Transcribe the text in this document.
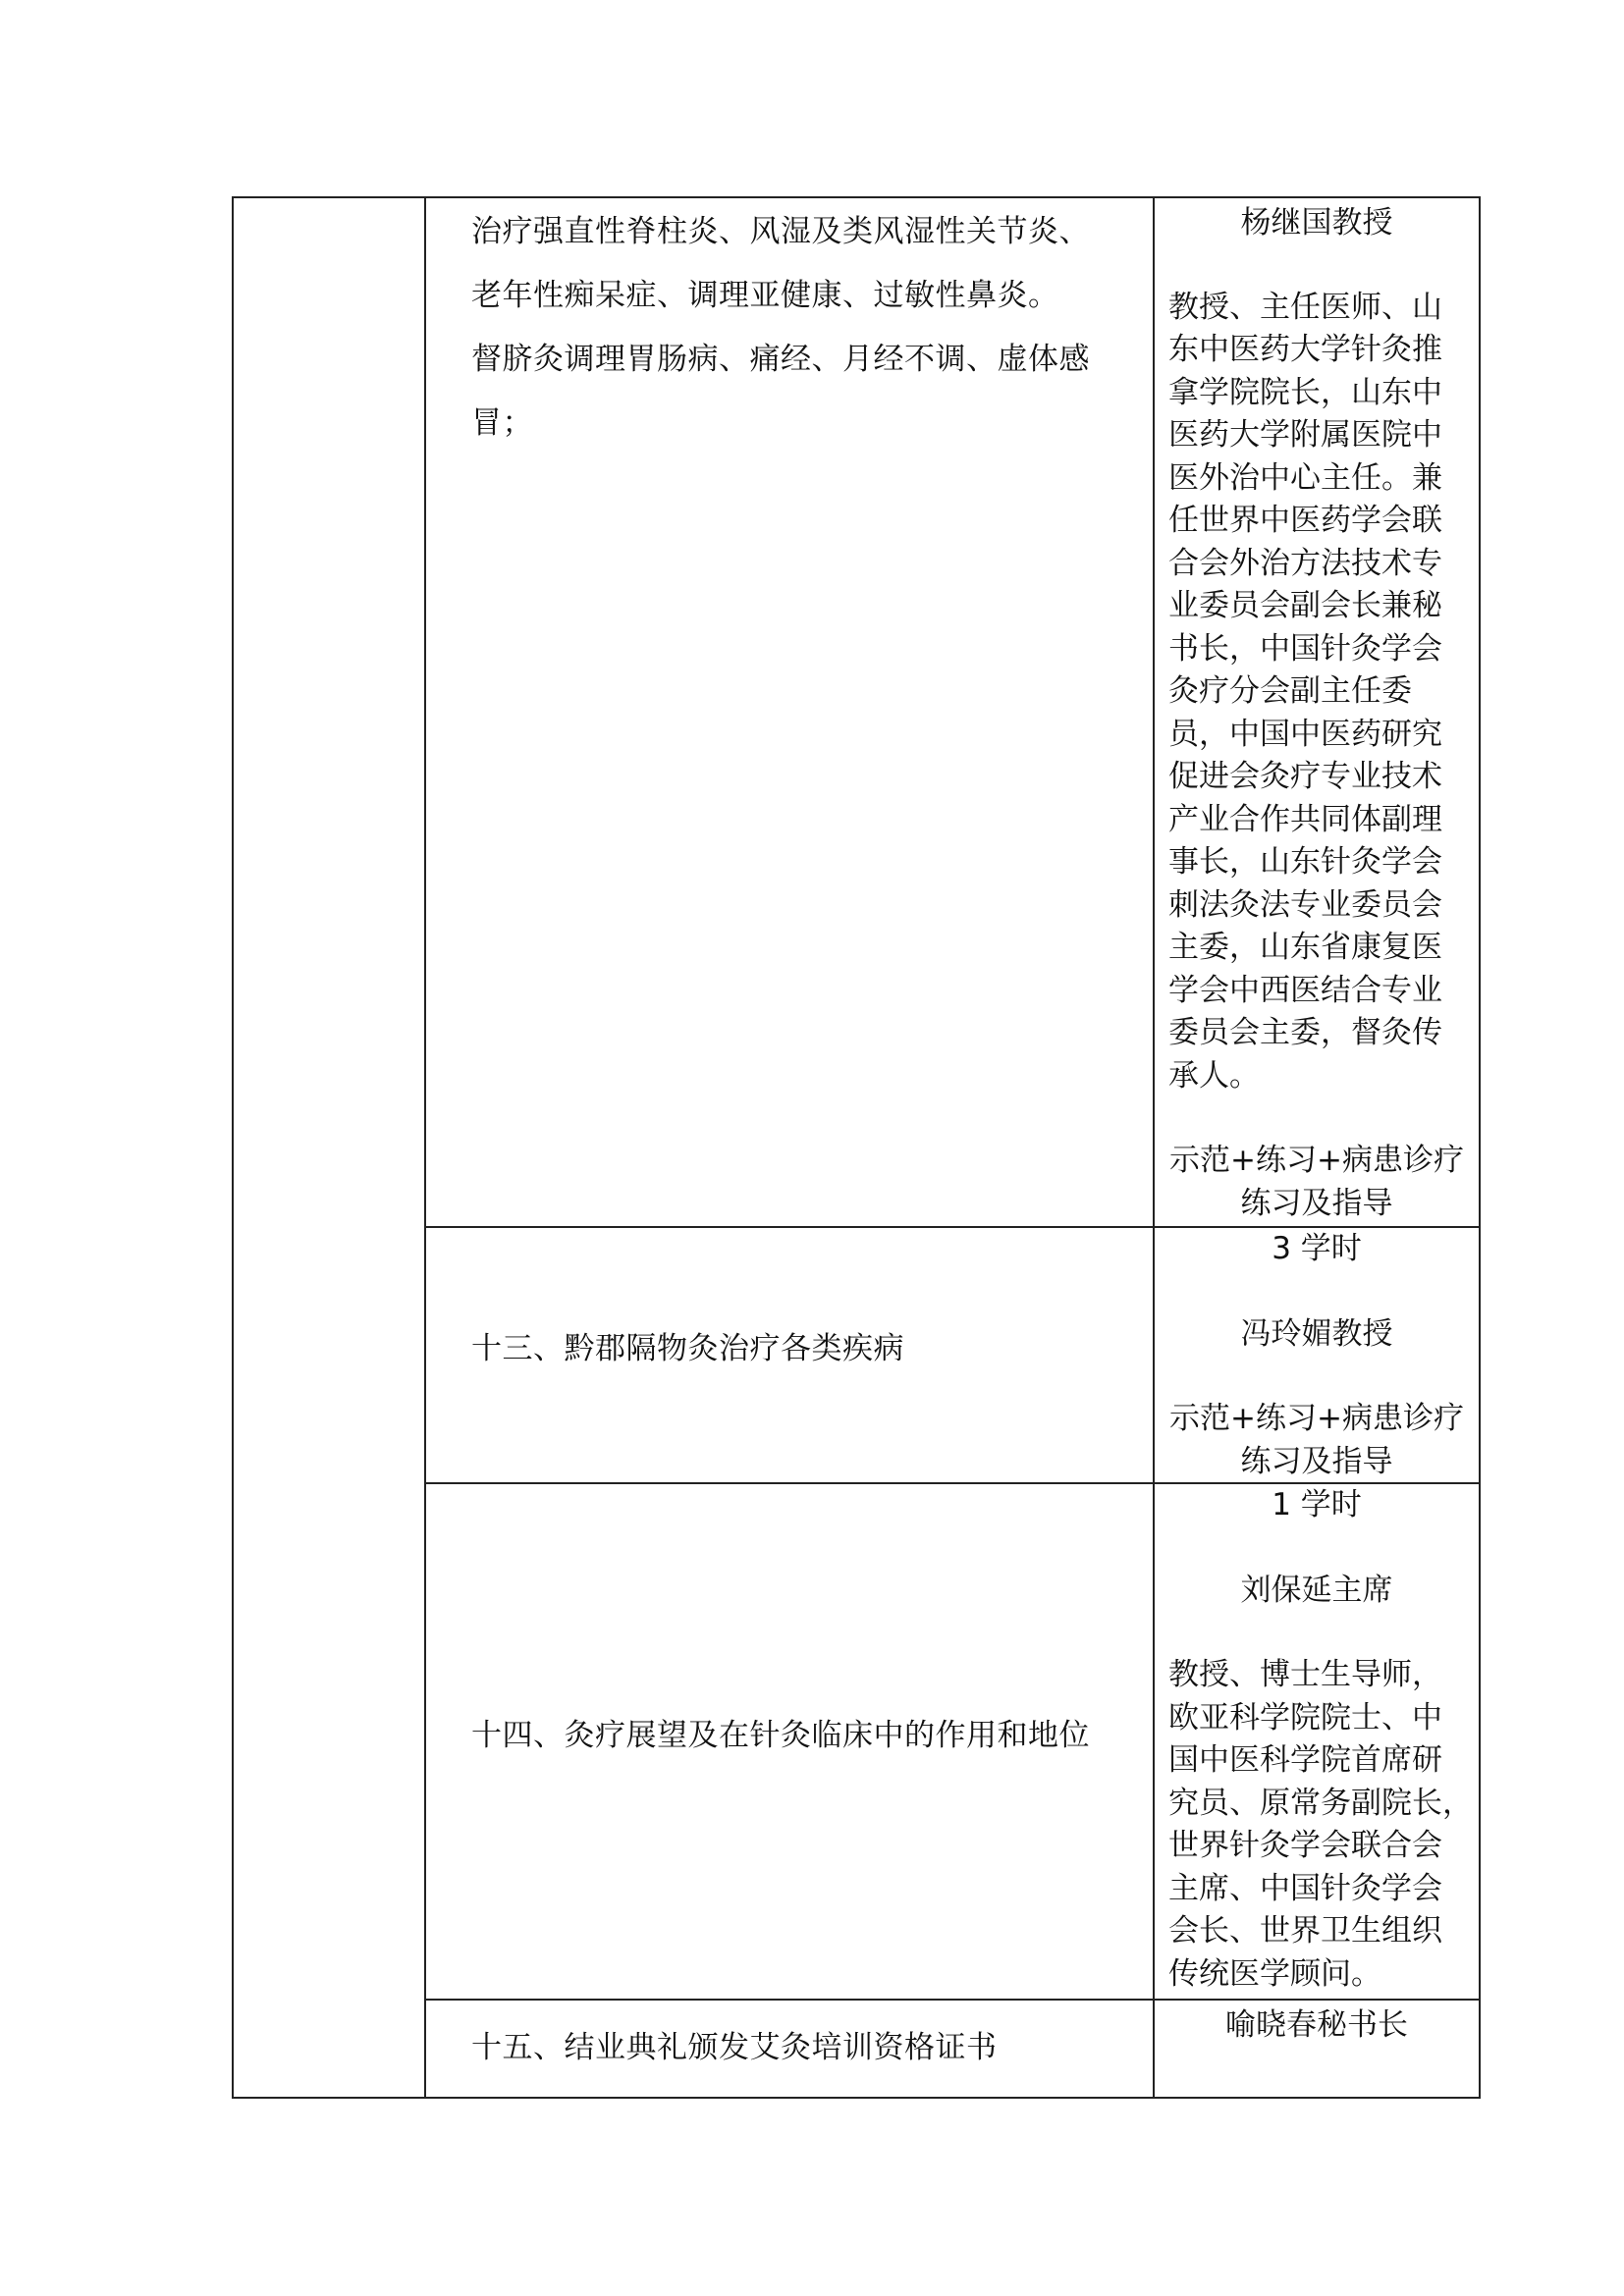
治疗强直性脊柱炎、风湿及类风湿性关节炎、
老年性痴呆症、调理亚健康、过敏性鼻炎。
督脐灸调理胃肠病、痛经、月经不调、虚体感
冒；
杨继国教授
教授、主任医师、山
东中医药大学针灸推
拿学院院长，山东中
医药大学附属医院中
医外治中心主任。兼
任世界中医药学会联
合会外治方法技术专
业委员会副会长兼秘
书长，中国针灸学会
灸疗分会副主任委
员，中国中医药研究
促进会灸疗专业技术
产业合作共同体副理
事长，山东针灸学会
刺法灸法专业委员会
主委，山东省康复医
学会中西医结合专业
委员会主委，督灸传
承人。
示范+练习+病患诊疗
练习及指导
十三、黔郡隔物灸治疗各类疾病
3 学时
冯玲媚教授
示范+练习+病患诊疗
练习及指导
十四、灸疗展望及在针灸临床中的作用和地位
1 学时
刘保延主席
教授、博士生导师，
欧亚科学院院士、中
国中医科学院首席研
究员、原常务副院长，
世界针灸学会联合会
主席、中国针灸学会
会长、世界卫生组织
传统医学顾问。
十五、结业典礼颁发艾灸培训资格证书
喻晓春秘书长
